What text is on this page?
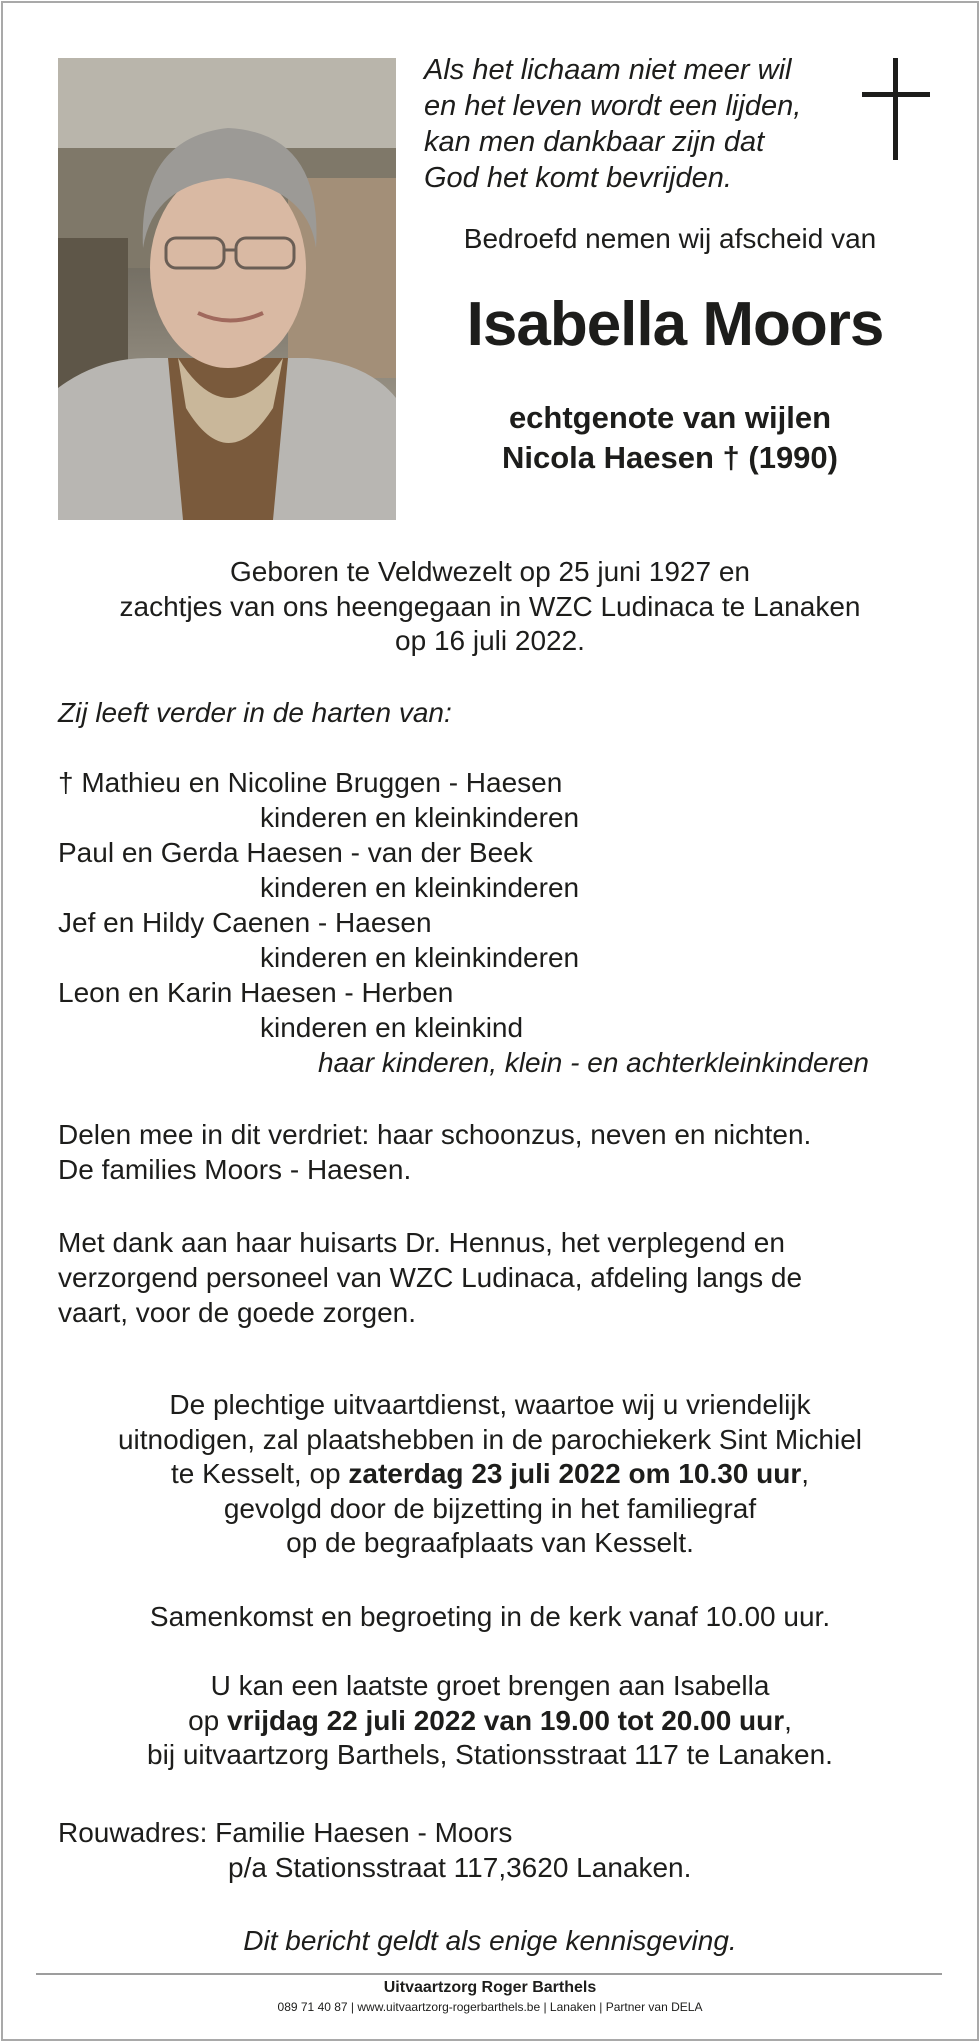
Als het lichaam niet meer wil
en het leven wordt een lijden,
kan men dankbaar zijn dat
God het komt bevrijden.
Bedroefd nemen wij afscheid van
Isabella Moors
echtgenote van wijlen
Nicola Haesen † (1990)
Geboren te Veldwezelt op 25 juni 1927 en
zachtjes van ons heengegaan in WZC Ludinaca te Lanaken
op 16 juli 2022.
Zij leeft verder in de harten van:
† Mathieu en Nicoline Bruggen - Haesen
kinderen en kleinkinderen
Paul en Gerda Haesen - van der Beek
kinderen en kleinkinderen
Jef en Hildy Caenen - Haesen
kinderen en kleinkinderen
Leon en Karin Haesen - Herben
kinderen en kleinkind
haar kinderen, klein - en achterkleinkinderen
Delen mee in dit verdriet: haar schoonzus, neven en nichten.
De families Moors - Haesen.
Met dank aan haar huisarts Dr. Hennus, het verplegend en
verzorgend personeel van WZC Ludinaca, afdeling langs de
vaart, voor de goede zorgen.
De plechtige uitvaartdienst, waartoe wij u vriendelijk
uitnodigen, zal plaatshebben in de parochiekerk Sint Michiel
te Kesselt, op zaterdag 23 juli 2022 om 10.30 uur,
gevolgd door de bijzetting in het familiegraf
op de begraafplaats van Kesselt.
Samenkomst en begroeting in de kerk vanaf 10.00 uur.
U kan een laatste groet brengen aan Isabella
op vrijdag 22 juli 2022 van 19.00 tot 20.00 uur,
bij uitvaartzorg Barthels, Stationsstraat 117 te Lanaken.
Rouwadres: Familie Haesen - Moors
p/a Stationsstraat 117,3620 Lanaken.
Dit bericht geldt als enige kennisgeving.
Uitvaartzorg Roger Barthels
089 71 40 87 | www.uitvaartzorg-rogerbarthels.be | Lanaken | Partner van DELA
